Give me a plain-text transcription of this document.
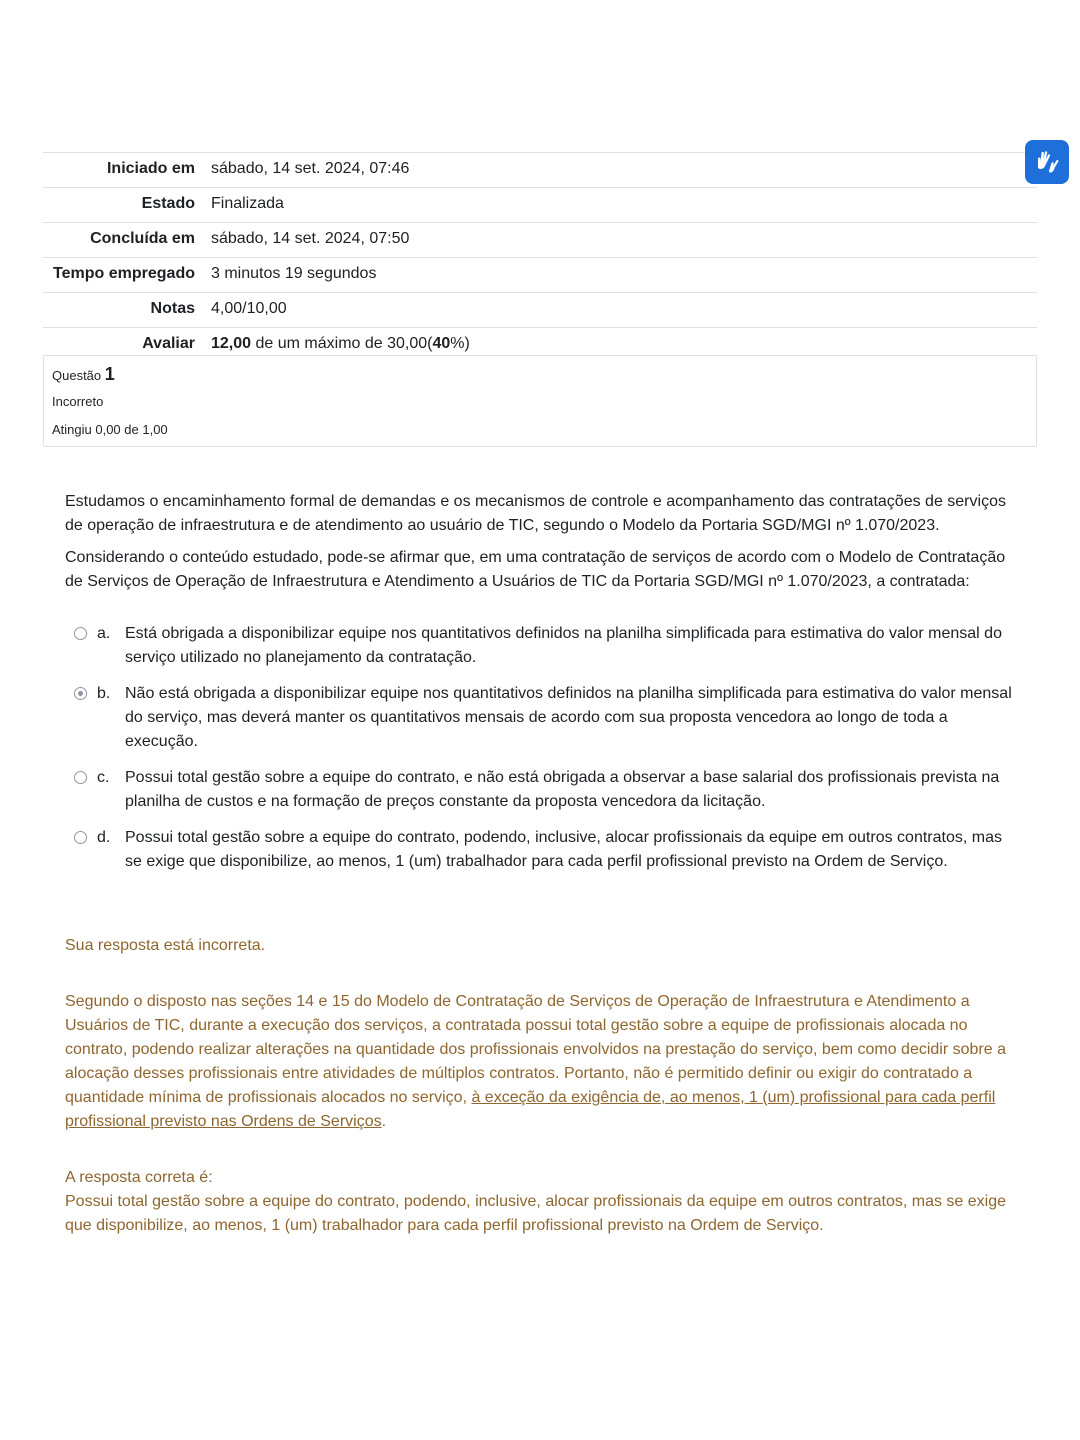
Iniciado em	sábado, 14 set. 2024, 07:46
Estado	Finalizada
Concluída em	sábado, 14 set. 2024, 07:50
Tempo empregado	3 minutos 19 segundos
Notas	4,00/10,00
Avaliar	12,00 de um máximo de 30,00(40%)
Questão 1
Incorreto
Atingiu 0,00 de 1,00

Estudamos o encaminhamento formal de demandas e os mecanismos de controle e acompanhamento das contratações de serviços de operação de infraestrutura e de atendimento ao usuário de TIC, segundo o Modelo da Portaria SGD/MGI nº 1.070/2023.

Considerando o conteúdo estudado, pode-se afirmar que, em uma contratação de serviços de acordo com o Modelo de Contratação de Serviços de Operação de Infraestrutura e Atendimento a Usuários de TIC da Portaria SGD/MGI nº 1.070/2023, a contratada:

a. Está obrigada a disponibilizar equipe nos quantitativos definidos na planilha simplificada para estimativa do valor mensal do serviço utilizado no planejamento da contratação.
b. Não está obrigada a disponibilizar equipe nos quantitativos definidos na planilha simplificada para estimativa do valor mensal do serviço, mas deverá manter os quantitativos mensais de acordo com sua proposta vencedora ao longo de toda a execução.
c. Possui total gestão sobre a equipe do contrato, e não está obrigada a observar a base salarial dos profissionais prevista na planilha de custos e na formação de preços constante da proposta vencedora da licitação.
d. Possui total gestão sobre a equipe do contrato, podendo, inclusive, alocar profissionais da equipe em outros contratos, mas se exige que disponibilize, ao menos, 1 (um) trabalhador para cada perfil profissional previsto na Ordem de Serviço.

Sua resposta está incorreta.

Segundo o disposto nas seções 14 e 15 do Modelo de Contratação de Serviços de Operação de Infraestrutura e Atendimento a Usuários de TIC, durante a execução dos serviços, a contratada possui total gestão sobre a equipe de profissionais alocada no contrato, podendo realizar alterações na quantidade dos profissionais envolvidos na prestação do serviço, bem como decidir sobre a alocação desses profissionais entre atividades de múltiplos contratos. Portanto, não é permitido definir ou exigir do contratado a quantidade mínima de profissionais alocados no serviço, à exceção da exigência de, ao menos, 1 (um) profissional para cada perfil profissional previsto nas Ordens de Serviços.

A resposta correta é:

Possui total gestão sobre a equipe do contrato, podendo, inclusive, alocar profissionais da equipe em outros contratos, mas se exige que disponibilize, ao menos, 1 (um) trabalhador para cada perfil profissional previsto na Ordem de Serviço.
